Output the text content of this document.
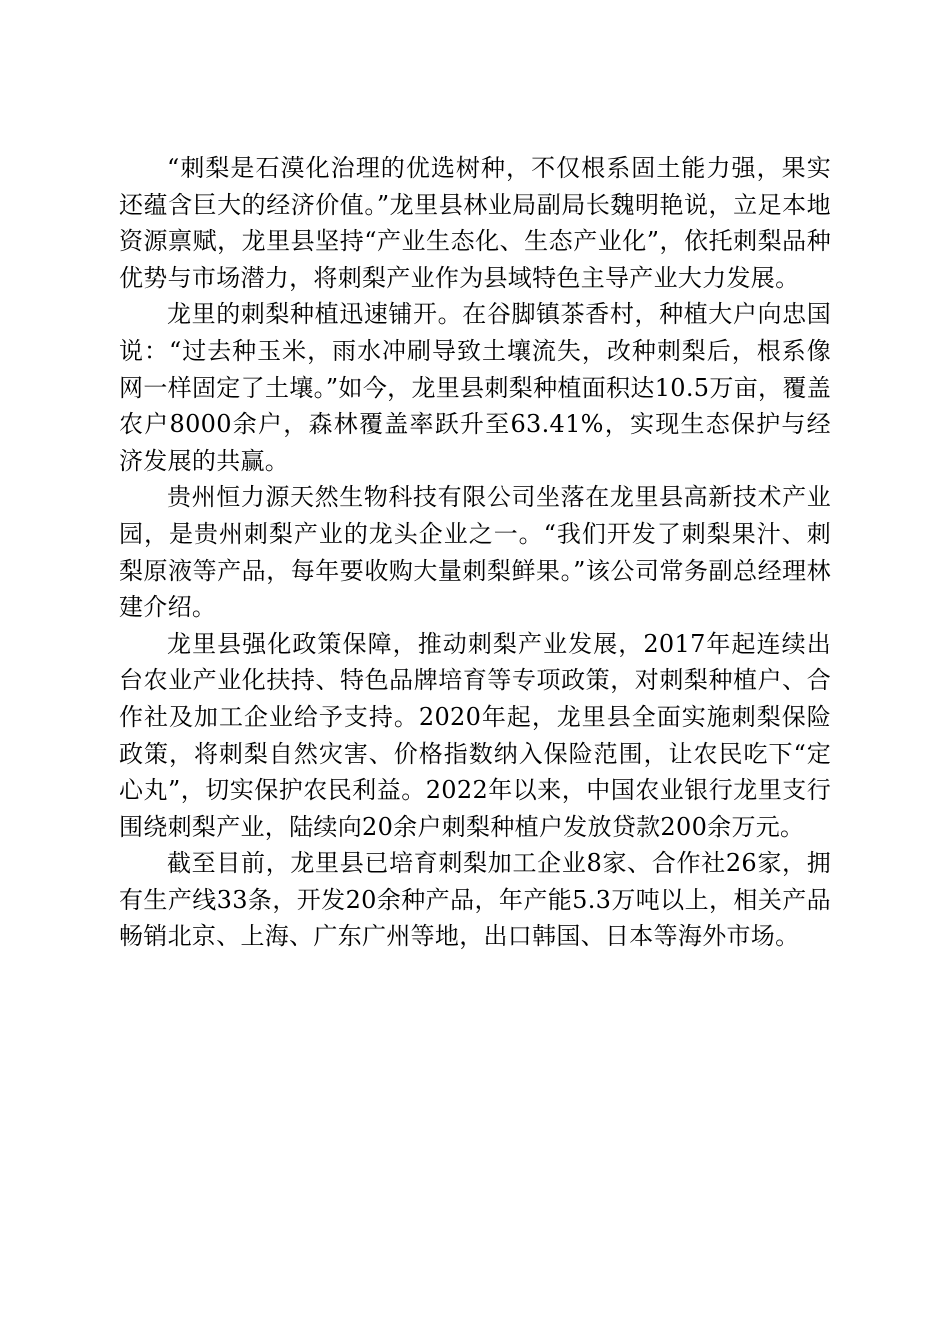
“刺梨是石漠化治理的优选树种，不仅根系固土能力强，果实还蕴含巨大的经济价值。”龙里县林业局副局长魏明艳说，立足本地资源禀赋，龙里县坚持“产业生态化、生态产业化”，依托刺梨品种优势与市场潜力，将刺梨产业作为县域特色主导产业大力发展。

龙里的刺梨种植迅速铺开。在谷脚镇茶香村，种植大户向忠国说：“过去种玉米，雨水冲刷导致土壤流失，改种刺梨后，根系像网一样固定了土壤。”如今，龙里县刺梨种植面积达10.5万亩，覆盖农户8000余户，森林覆盖率跃升至63.41%，实现生态保护与经济发展的共赢。

贵州恒力源天然生物科技有限公司坐落在龙里县高新技术产业园，是贵州刺梨产业的龙头企业之一。“我们开发了刺梨果汁、刺梨原液等产品，每年要收购大量刺梨鲜果。”该公司常务副总经理林建介绍。

龙里县强化政策保障，推动刺梨产业发展，2017年起连续出台农业产业化扶持、特色品牌培育等专项政策，对刺梨种植户、合作社及加工企业给予支持。2020年起，龙里县全面实施刺梨保险政策，将刺梨自然灾害、价格指数纳入保险范围，让农民吃下“定心丸”，切实保护农民利益。2022年以来，中国农业银行龙里支行围绕刺梨产业，陆续向20余户刺梨种植户发放贷款200余万元。

截至目前，龙里县已培育刺梨加工企业8家、合作社26家，拥有生产线33条，开发20余种产品，年产能5.3万吨以上，相关产品畅销北京、上海、广东广州等地，出口韩国、日本等海外市场。
